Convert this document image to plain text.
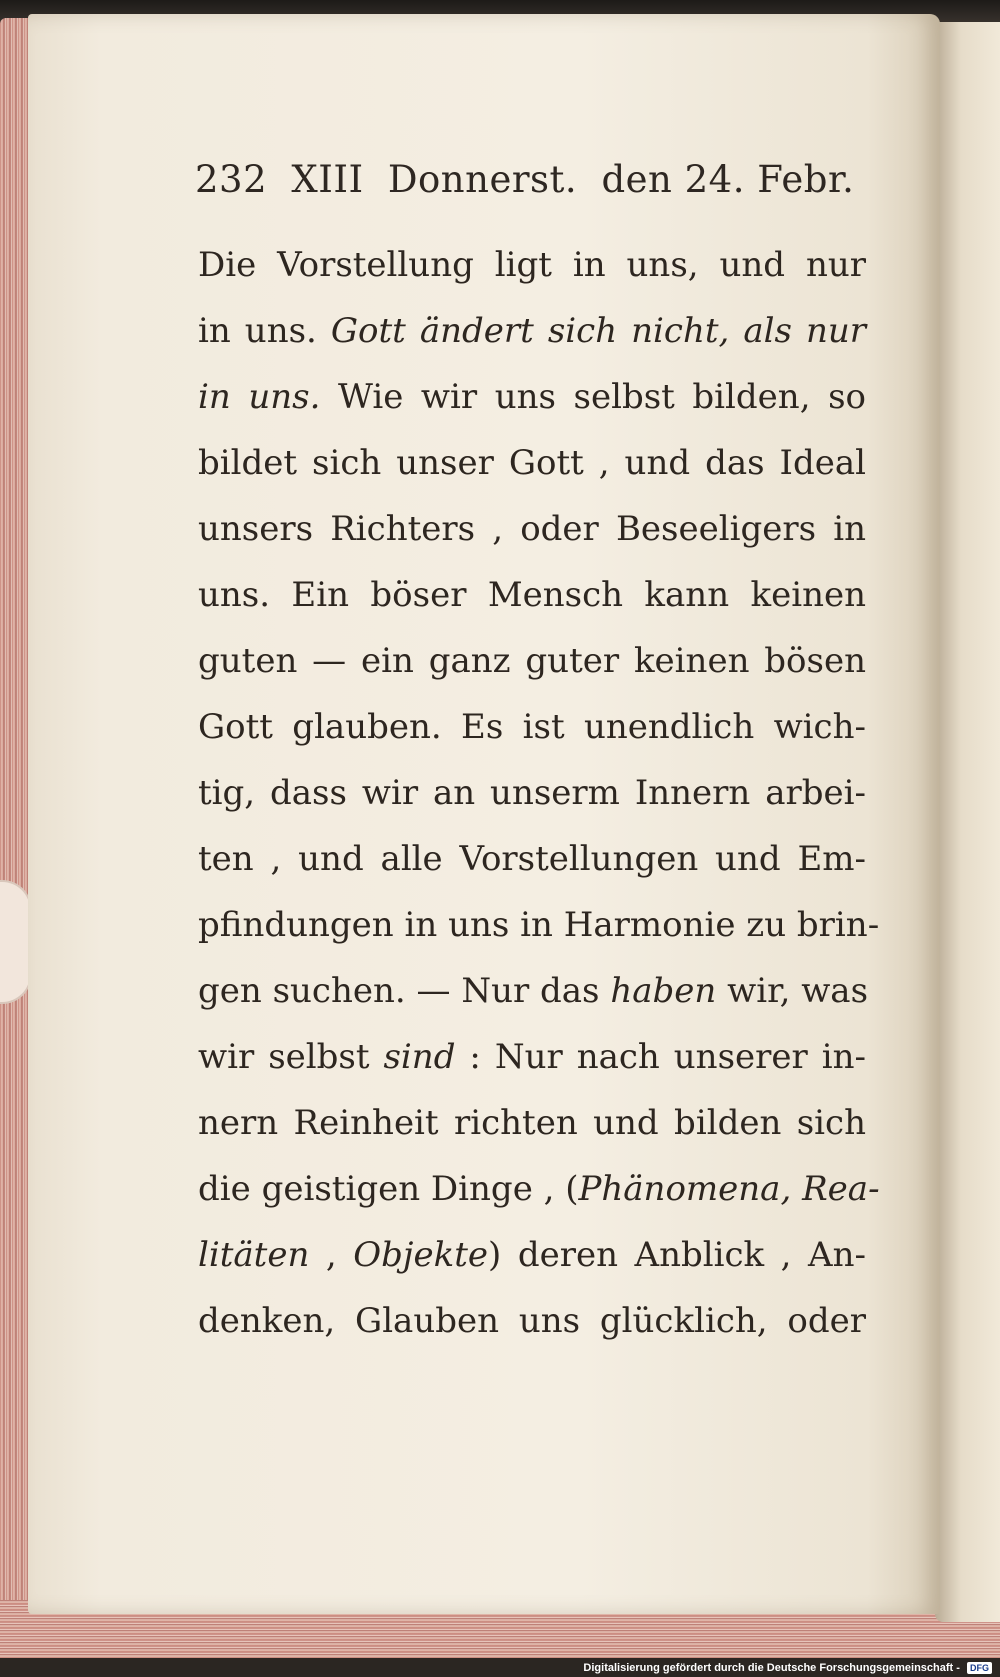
232 XIII Donnerst. den 24. Febr.
Die Vorstellung ligt in uns, und nur
in uns. Gott ändert sich nicht, als nur
in uns. Wie wir uns selbst bilden, so
bildet sich unser Gott , und das Ideal
unsers Richters , oder Beseeligers in
uns. Ein böser Mensch kann keinen
guten — ein ganz guter keinen bösen
Gott glauben. Es ist unendlich wich-
tig, dass wir an unserm Innern arbei-
ten , und alle Vorstellungen und Em-
pfindungen in uns in Harmonie zu brin-
gen suchen. — Nur das haben wir, was
wir selbst sind : Nur nach unserer in-
nern Reinheit richten und bilden sich
die geistigen Dinge , (Phänomena, Rea-
litäten , Objekte) deren Anblick , An-
denken, Glauben uns glücklich, oder
Digitalisierung gefördert durch die Deutsche Forschungsgemeinschaft - DFG
